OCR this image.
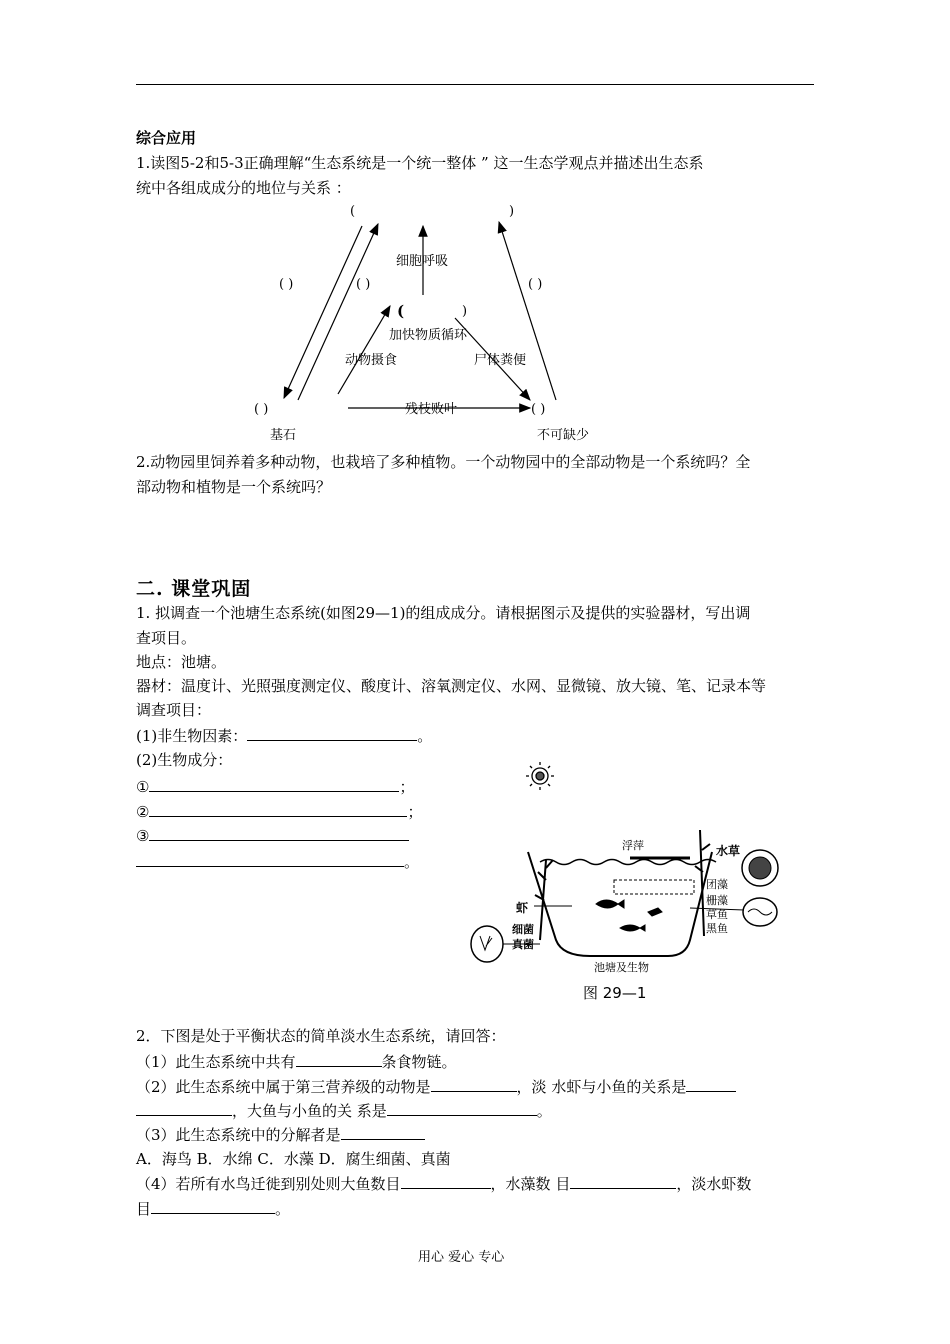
综合应用
1.读图5-2和5-3正确理解“生态系统是一个统一整体 ” 这一生态学观点并描述出生态系
统中各组成成分的地位与关系 ：
(	)
细胞呼吸
( )	( )	( )
(	)
加快物质循环
动物摄食	尸体粪便
( )	残枝败叶	( )
基石	不可缺少
2.动物园里饲养着多种动物，也栽培了多种植物。一个动物园中的全部动物是一个系统吗？全
部动物和植物是一个系统吗？
二. 课堂巩固
1. 拟调查一个池塘生态系统(如图29—1)的组成成分。请根据图示及提供的实验器材，写出调
查项目。
地点：池塘。
器材：温度计、光照强度测定仪、酸度计、溶氧测定仪、水网、显微镜、放大镜、笔、记录本等
调查项目：
(1)非生物因素：	。
(2)生物成分：
①	；
②	；
③
。
浮萍	水草
团藻
栅藻
草鱼
黑鱼
虾
细菌
真菌
池塘及生物
图 29—1
2．下图是处于平衡状态的简单淡水生态系统，请回答：
（1）此生态系统中共有	条食物链。
（2）此生态系统中属于第三营养级的动物是	，淡 水虾与小鱼的关系是
，大鱼与小鱼的关 系是	。
（3）此生态系统中的分解者是
A．海鸟 B．水绵 C．水藻 D．腐生细菌、真菌
（4）若所有水鸟迁徙到别处则大鱼数目	，水藻数 目	，淡水虾数
目	。
用心 爱心 专心
